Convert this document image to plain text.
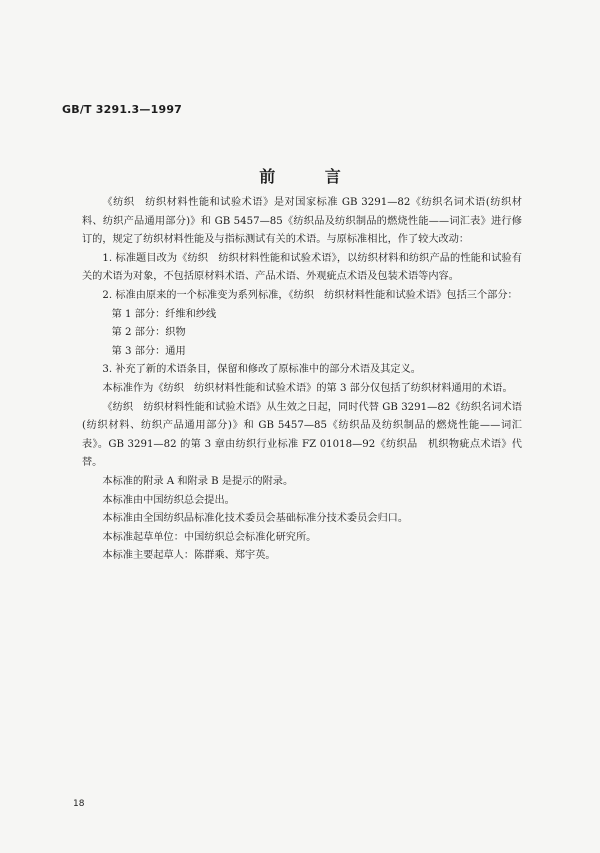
GB/T 3291.3—1997
前 言

《纺织　纺织材料性能和试验术语》是对国家标准 GB 3291—82《纺织名词术语(纺织材料、纺织产品通用部分)》和 GB 5457—85《纺织品及纺织制品的燃烧性能——词汇表》进行修订的，规定了纺织材料性能及与指标测试有关的术语。与原标准相比，作了较大改动：

1. 标准题目改为《纺织　纺织材料性能和试验术语》，以纺织材料和纺织产品的性能和试验有关的术语为对象，不包括原材料术语、产品术语、外观疵点术语及包装术语等内容。

2. 标准由原来的一个标准变为系列标准，《纺织　纺织材料性能和试验术语》包括三个部分：

第 1 部分：纤维和纱线

第 2 部分：织物

第 3 部分：通用

3. 补充了新的术语条目，保留和修改了原标准中的部分术语及其定义。

本标准作为《纺织　纺织材料性能和试验术语》的第 3 部分仅包括了纺织材料通用的术语。

《纺织　纺织材料性能和试验术语》从生效之日起，同时代替 GB 3291—82《纺织名词术语(纺织材料、纺织产品通用部分)》和 GB 5457—85《纺织品及纺织制品的燃烧性能——词汇表》。GB 3291—82 的第 3 章由纺织行业标准 FZ 01018—92《纺织品　机织物疵点术语》代替。

本标准的附录 A 和附录 B 是提示的附录。

本标准由中国纺织总会提出。

本标准由全国纺织品标准化技术委员会基础标准分技术委员会归口。

本标准起草单位：中国纺织总会标准化研究所。

本标准主要起草人：陈群乘、郑宇英。

18
